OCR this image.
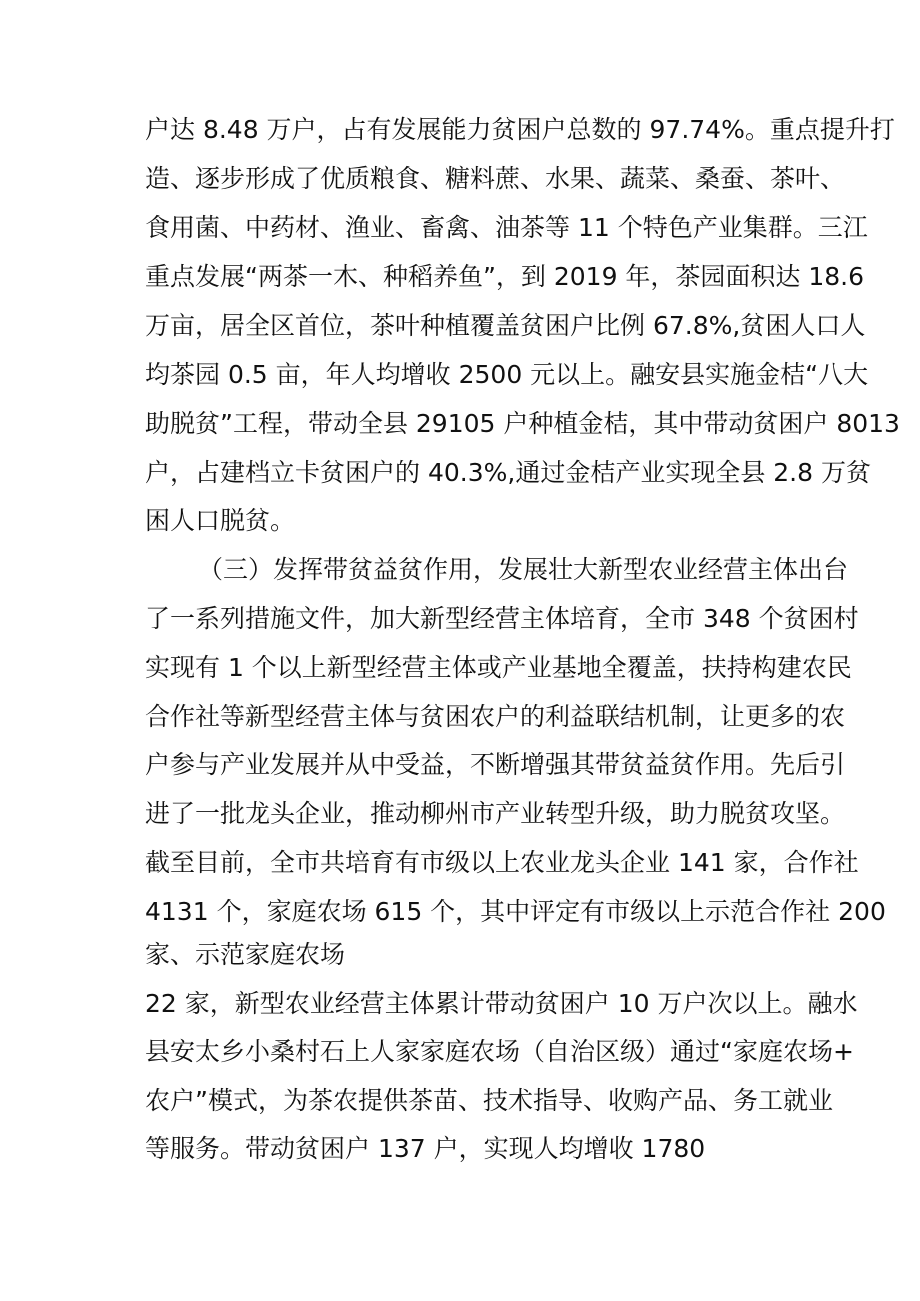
户达 8.48 万户，占有发展能力贫困户总数的 97.74%。重点提升打
造、逐步形成了优质粮食、糖料蔗、水果、蔬菜、桑蚕、茶叶、
食用菌、中药材、渔业、畜禽、油茶等 11 个特色产业集群。三江
重点发展“两茶一木、种稻养鱼”，到 2019 年，茶园面积达 18.6
万亩，居全区首位，茶叶种植覆盖贫困户比例 67.8%,贫困人口人
均茶园 0.5 亩，年人均增收 2500 元以上。融安县实施金桔“八大
助脱贫”工程，带动全县 29105 户种植金桔，其中带动贫困户 8013
户，占建档立卡贫困户的 40.3%,通过金桔产业实现全县 2.8 万贫
困人口脱贫。
（三）发挥带贫益贫作用，发展壮大新型农业经营主体出台
了一系列措施文件，加大新型经营主体培育，全市 348 个贫困村
实现有 1 个以上新型经营主体或产业基地全覆盖，扶持构建农民
合作社等新型经营主体与贫困农户的利益联结机制，让更多的农
户参与产业发展并从中受益，不断增强其带贫益贫作用。先后引
进了一批龙头企业，推动柳州市产业转型升级，助力脱贫攻坚。
截至目前，全市共培育有市级以上农业龙头企业 141 家，合作社
4131 个，家庭农场 615 个，其中评定有市级以上示范合作社 200
家、示范家庭农场
22 家，新型农业经营主体累计带动贫困户 10 万户次以上。融水
县安太乡小桑村石上人家家庭农场（自治区级）通过“家庭农场+
农户”模式，为茶农提供茶苗、技术指导、收购产品、务工就业
等服务。带动贫困户 137 户，实现人均增收 1780
